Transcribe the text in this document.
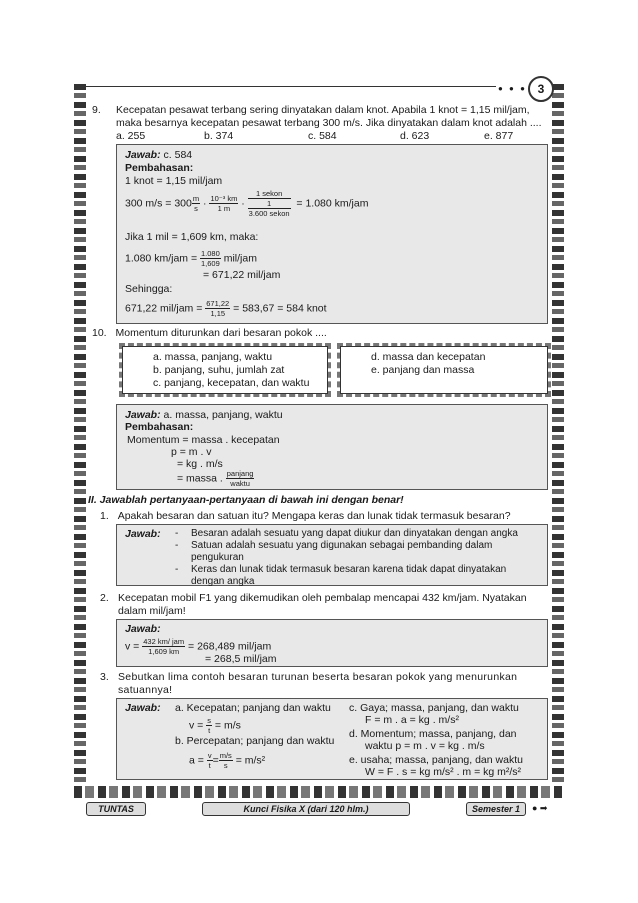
● ● ● 3
9. Kecepatan pesawat terbang sering dinyatakan dalam knot. Apabila 1 knot = 1,15 mil/jam, maka besarnya kecepatan pesawat terbang 300 m/s. Jika dinyatakan dalam knot adalah ....
a. 255	b. 374	c. 584	d. 623	e. 877
Jawab: c. 584
Pembahasan:
1 knot = 1,15 mil/jam
300 $m/s = 300 \frac{m}{s} \cdot \frac{\text{10⁻³ km}}{1 m}$ ·
1 sekon
1
3.600 sekon
= 1.080 km/jam
Jika 1 mil = 1,609 km, maka:
1.080 $km/jam = \frac{1.080}{1,609} mil/jam$
= 671,22 mil/jam
Sehingga:
671,22 $mil/jam = \frac{671,22}{1,15} = 583,67 = 584$ knot
10. Momentum diturunkan dari besaran pokok ....
a. massa, panjang, waktu
b. panjang, suhu, jumlah zat
c. panjang, kecepatan, dan waktu
d. massa dan kecepatan
e. panjang dan massa
Jawab: a. massa, panjang, waktu
Pembahasan:
Momentum = massa . kecepatan
p = m . v
= kg . m/s
= massa . $\frac{\text{panjang}}{\text{waktu}}$
II. Jawablah pertanyaan-pertanyaan di bawah ini dengan benar!
1. Apakah besaran dan satuan itu? Mengapa keras dan lunak tidak termasuk besaran?
Jawab: -	Besaran adalah sesuatu yang dapat diukur dan dinyatakan dengan angka
-	Satuan adalah sesuatu yang digunakan sebagai pembanding dalam pengukuran
-	Keras dan lunak tidak termasuk besaran karena tidak dapat dinyatakan dengan angka
2. Kecepatan mobil F1 yang dikemudikan oleh pembalap mencapai 432 km/jam. Nyatakan dalam mil/jam!
Jawab:
$v = \frac{\text{432 km/ jam}}{1,609 km} = 268,489$ mil/jam
= 268,5 mil/jam
3. Sebutkan lima contoh besaran turunan beserta besaran pokok yang menurunkan satuannya!
Jawab: a. Kecepatan; panjang dan waktu
$v = \frac{s}{t} = m/s$
b. Percepatan; panjang dan waktu
$a = \frac{v}{t} = \frac{m/s}{s} = m/s^2$
c. Gaya; massa, panjang, dan waktu
F = m . a = kg . m/s²
d. Momentum; massa, panjang, dan
waktu p = m . v = kg . m/s
e. usaha; massa, panjang, dan waktu
W = F . s = kg m/s² . m = kg m²/s²
TUNTAS	Kunci Fisika X (dari 120 hlm.)	Semester 1	● ➡
